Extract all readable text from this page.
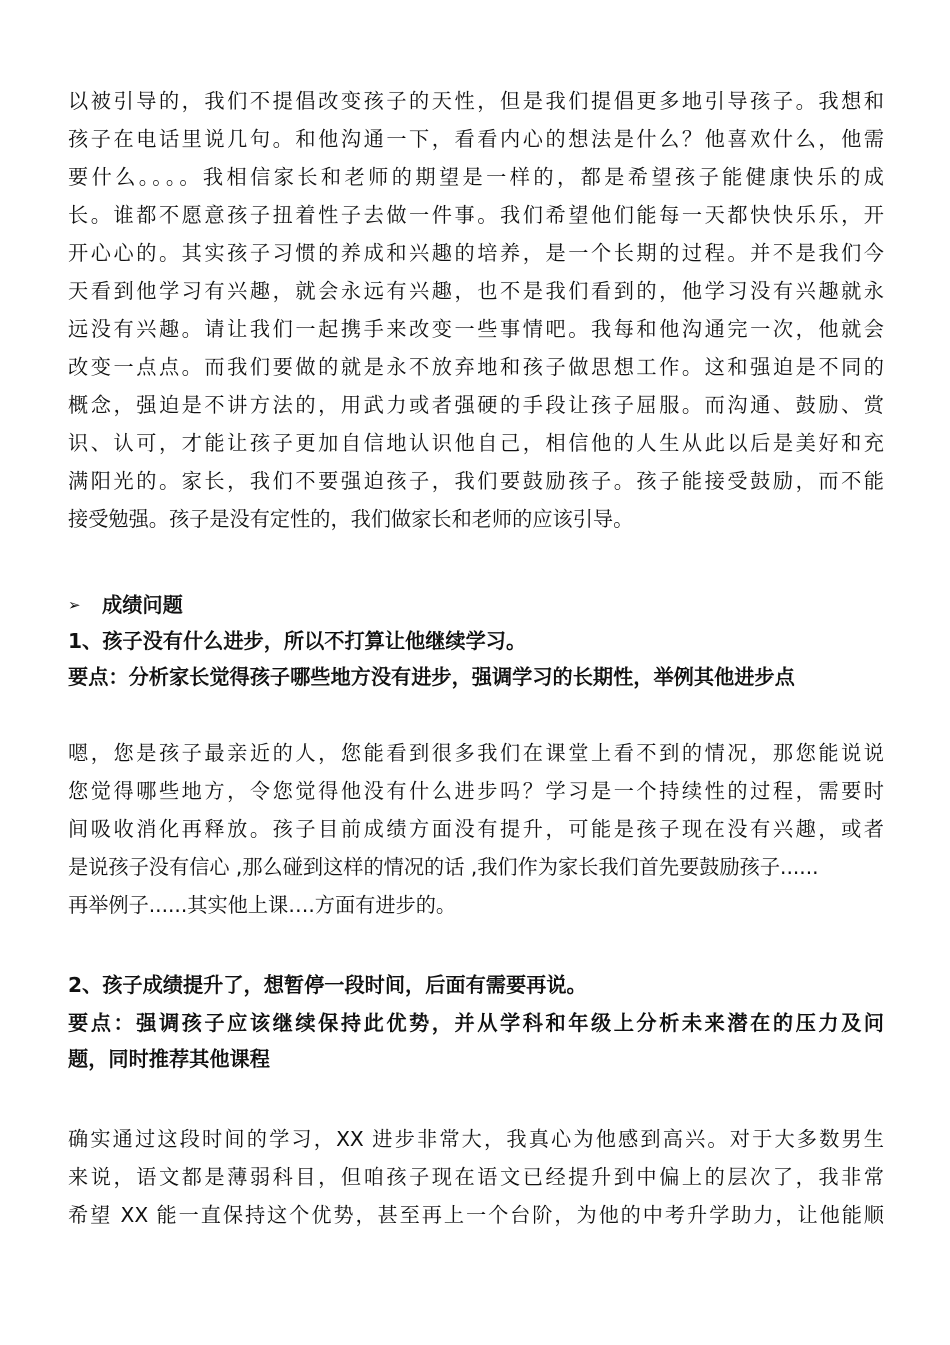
以被引导的，我们不提倡改变孩子的天性，但是我们提倡更多地引导孩子。我想和
孩子在电话里说几句。和他沟通一下，看看内心的想法是什么？他喜欢什么，他需
要什么。。。。我相信家长和老师的期望是一样的，都是希望孩子能健康快乐的成
长。谁都不愿意孩子扭着性子去做一件事。我们希望他们能每一天都快快乐乐，开
开心心的。其实孩子习惯的养成和兴趣的培养，是一个长期的过程。并不是我们今
天看到他学习有兴趣，就会永远有兴趣，也不是我们看到的，他学习没有兴趣就永
远没有兴趣。请让我们一起携手来改变一些事情吧。我每和他沟通完一次，他就会
改变一点点。而我们要做的就是永不放弃地和孩子做思想工作。这和强迫是不同的
概念，强迫是不讲方法的，用武力或者强硬的手段让孩子屈服。而沟通、鼓励、赏
识、认可，才能让孩子更加自信地认识他自己，相信他的人生从此以后是美好和充
满阳光的。家长，我们不要强迫孩子，我们要鼓励孩子。孩子能接受鼓励，而不能
接受勉强。孩子是没有定性的，我们做家长和老师的应该引导。
➢	成绩问题
1、孩子没有什么进步，所以不打算让他继续学习。
要点：分析家长觉得孩子哪些地方没有进步，强调学习的长期性，举例其他进步点
嗯，您是孩子最亲近的人，您能看到很多我们在课堂上看不到的情况，那您能说说
您觉得哪些地方，令您觉得他没有什么进步吗？学习是一个持续性的过程，需要时
间吸收消化再释放。孩子目前成绩方面没有提升，可能是孩子现在没有兴趣，或者
是说孩子没有信心 ,那么碰到这样的情况的话 ,我们作为家长我们首先要鼓励孩子......
再举例子......其实他上课….方面有进步的。
2、孩子成绩提升了，想暂停一段时间，后面有需要再说。
要点：强调孩子应该继续保持此优势，并从学科和年级上分析未来潜在的压力及问
题，同时推荐其他课程
确实通过这段时间的学习，XX 进步非常大，我真心为他感到高兴。对于大多数男生
来说，语文都是薄弱科目，但咱孩子现在语文已经提升到中偏上的层次了，我非常
希望 XX 能一直保持这个优势，甚至再上一个台阶，为他的中考升学助力，让他能顺
